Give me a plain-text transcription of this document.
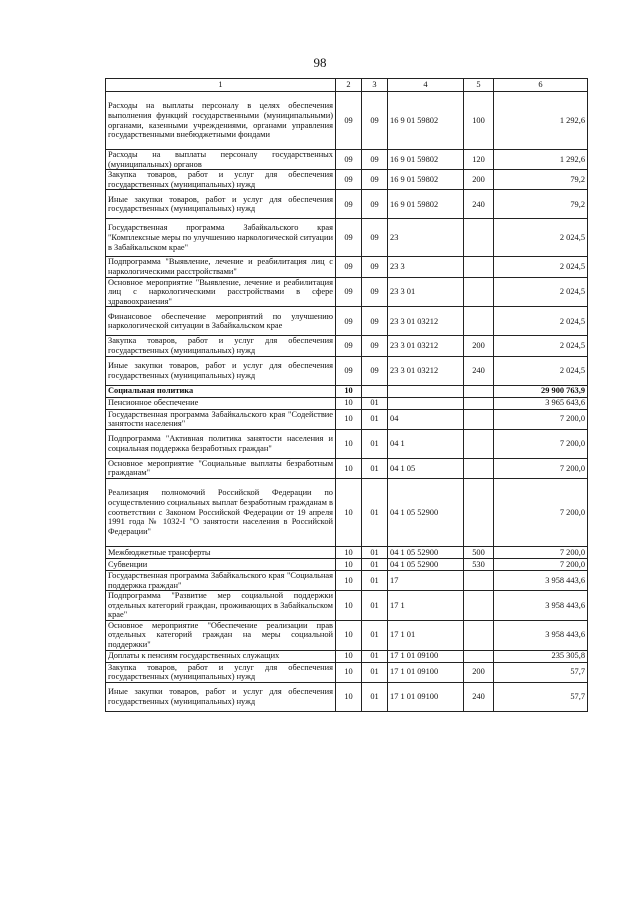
98
1	2	3	4	5	6
Расходы на выплаты персоналу в целях обеспечения выполнения функций государственными (муниципальными) органами, казенными учреждениями, органами управления государственными внебюджетными фондами	09	09	16 9 01 59802	100	1 292,6
Расходы на выплаты персоналу государственных (муниципальных) органов	09	09	16 9 01 59802	120	1 292,6
Закупка товаров, работ и услуг для обеспечения государственных (муниципальных) нужд	09	09	16 9 01 59802	200	79,2
Иные закупки товаров, работ и услуг для обеспечения государственных (муниципальных) нужд	09	09	16 9 01 59802	240	79,2
Государственная программа Забайкальского края "Комплексные меры по улучшению наркологической ситуации в Забайкальском крае"	09	09	23		2 024,5
Подпрограмма "Выявление, лечение и реабилитация лиц с наркологическими расстройствами"	09	09	23 3		2 024,5
Основное мероприятие "Выявление, лечение и реабилитация лиц с наркологическими расстройствами в сфере здравоохранения"	09	09	23 3 01		2 024,5
Финансовое обеспечение мероприятий по улучшению наркологической ситуации в Забайкальском крае	09	09	23 3 01 03212		2 024,5
Закупка товаров, работ и услуг для обеспечения государственных (муниципальных) нужд	09	09	23 3 01 03212	200	2 024,5
Иные закупки товаров, работ и услуг для обеспечения государственных (муниципальных) нужд	09	09	23 3 01 03212	240	2 024,5
Социальная политика	10				29 900 763,9
Пенсионное обеспечение	10	01			3 965 643,6
Государственная программа Забайкальского края "Содействие занятости населения"	10	01	04		7 200,0
Подпрограмма "Активная политика занятости населения и социальная поддержка безработных граждан"	10	01	04 1		7 200,0
Основное мероприятие "Социальные выплаты безработным гражданам"	10	01	04 1 05		7 200,0
Реализация полномочий Российской Федерации по осуществлению социальных выплат безработным гражданам в соответствии с Законом Российской Федерации от 19 апреля 1991 года № 1032-I "О занятости населения в Российской Федерации"	10	01	04 1 05 52900		7 200,0
Межбюджетные трансферты	10	01	04 1 05 52900	500	7 200,0
Субвенции	10	01	04 1 05 52900	530	7 200,0
Государственная программа Забайкальского края "Социальная поддержка граждан"	10	01	17		3 958 443,6
Подпрограмма "Развитие мер социальной поддержки отдельных категорий граждан, проживающих в Забайкальском крае"	10	01	17 1		3 958 443,6
Основное мероприятие "Обеспечение реализации прав отдельных категорий граждан на меры социальной поддержки"	10	01	17 1 01		3 958 443,6
Доплаты к пенсиям государственных служащих	10	01	17 1 01 09100		235 305,8
Закупка товаров, работ и услуг для обеспечения государственных (муниципальных) нужд	10	01	17 1 01 09100	200	57,7
Иные закупки товаров, работ и услуг для обеспечения государственных (муниципальных) нужд	10	01	17 1 01 09100	240	57,7
